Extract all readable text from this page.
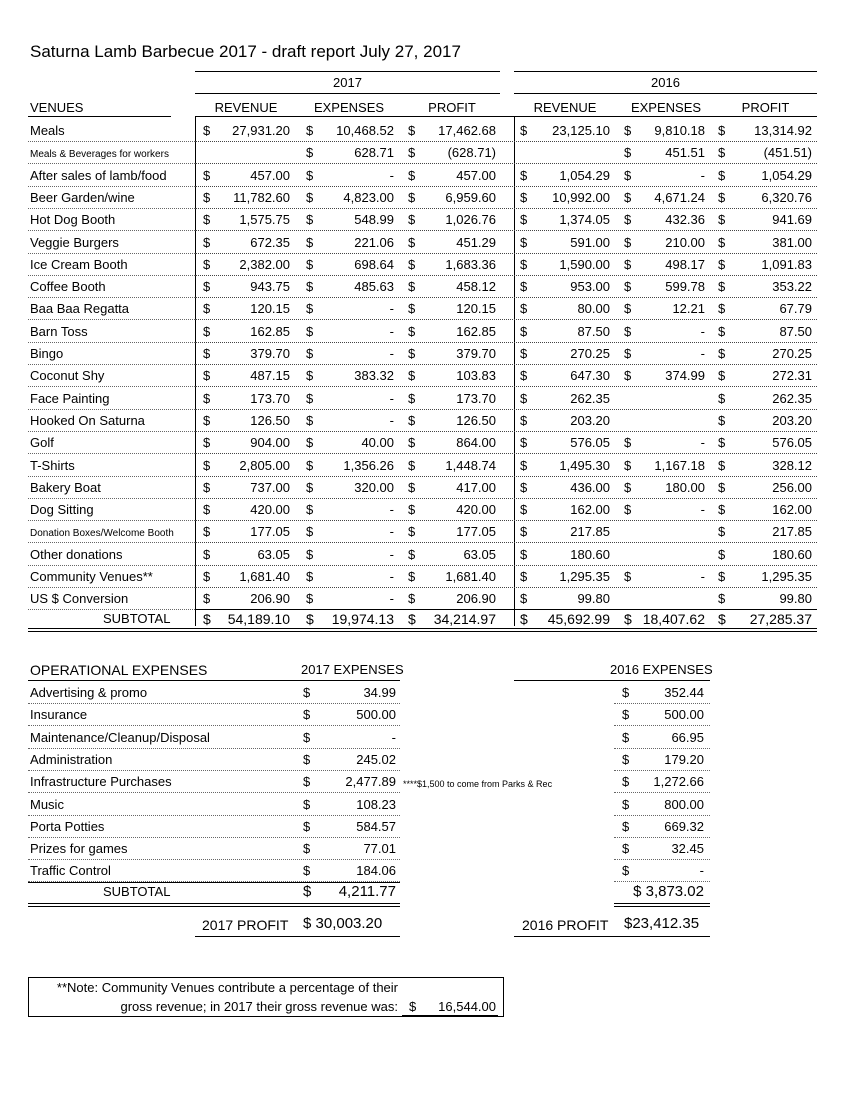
Saturna Lamb Barbecue 2017 - draft report July 27, 2017
2017	2016
VENUES	REVENUE	EXPENSES	PROFIT	REVENUE	EXPENSES	PROFIT
Meals	$	27,931.20 $	10,468.52 $	17,462.68 $	23,125.10 $	9,810.18 $	13,314.92
Meals & Beverages for workers	$	628.71 $	(628.71)	$	451.51 $	(451.51)
After sales of lamb/food	$	457.00 $	- $	457.00 $	1,054.29 $	- $	1,054.29
Beer Garden/wine	$	11,782.60 $	4,823.00 $	6,959.60 $	10,992.00 $	4,671.24 $	6,320.76
Hot Dog Booth	$	1,575.75 $	548.99 $	1,026.76 $	1,374.05 $	432.36 $	941.69
Veggie Burgers	$	672.35 $	221.06 $	451.29 $	591.00 $	210.00 $	381.00
Ice Cream Booth	$	2,382.00 $	698.64 $	1,683.36 $	1,590.00 $	498.17 $	1,091.83
Coffee Booth	$	943.75 $	485.63 $	458.12 $	953.00 $	599.78 $	353.22
Baa Baa Regatta	$	120.15 $	- $	120.15 $	80.00 $	12.21 $	67.79
Barn Toss	$	162.85 $	- $	162.85 $	87.50 $	- $	87.50
Bingo	$	379.70 $	- $	379.70 $	270.25 $	- $	270.25
Coconut Shy	$	487.15 $	383.32 $	103.83 $	647.30 $	374.99 $	272.31
Face Painting	$	173.70 $	- $	173.70 $	262.35	$	262.35
Hooked On Saturna	$	126.50 $	- $	126.50 $	203.20	$	203.20
Golf	$	904.00 $	40.00 $	864.00 $	576.05 $	- $	576.05
T-Shirts	$	2,805.00 $	1,356.26 $	1,448.74 $	1,495.30 $	1,167.18 $	328.12
Bakery Boat	$	737.00 $	320.00 $	417.00 $	436.00 $	180.00 $	256.00
Dog Sitting	$	420.00 $	- $	420.00 $	162.00 $	- $	162.00
Donation Boxes/Welcome Booth $	177.05 $	- $	177.05 $	217.85	$	217.85
Other donations	$	63.05 $	- $	63.05 $	180.60	$	180.60
Community Venues**	$	1,681.40 $	- $	1,681.40 $	1,295.35 $	- $	1,295.35
US $ Conversion	$	206.90 $	- $	206.90 $	99.80	$	99.80
SUBTOTAL $	54,189.10 $	19,974.13 $	34,214.97 $	45,692.99 $ 18,407.62 $	27,285.37
OPERATIONAL EXPENSES	2017 EXPENSES	2016 EXPENSES
Advertising & promo	$	34.99	$	352.44
Insurance	$	500.00	$	500.00
Maintenance/Cleanup/Disposal	$	-	$	66.95
Administration	$	245.02	$	179.20
Infrastructure Purchases	$	2,477.89	$	1,272.66
Music	$	108.23	$	800.00
Porta Potties	$	584.57	$	669.32
Prizes for games	$	77.01	$	32.45
Traffic Control	$	184.06	$	-
****$1,500 to come from Parks & Rec
SUBTOTAL	$	4,211.77	$ 3,873.02
2017 PROFIT $ 30,003.20	2016 PROFIT $23,412.35
**Note: Community Venues contribute a percentage of their
gross revenue; in 2017 their gross revenue was: $	16,544.00
